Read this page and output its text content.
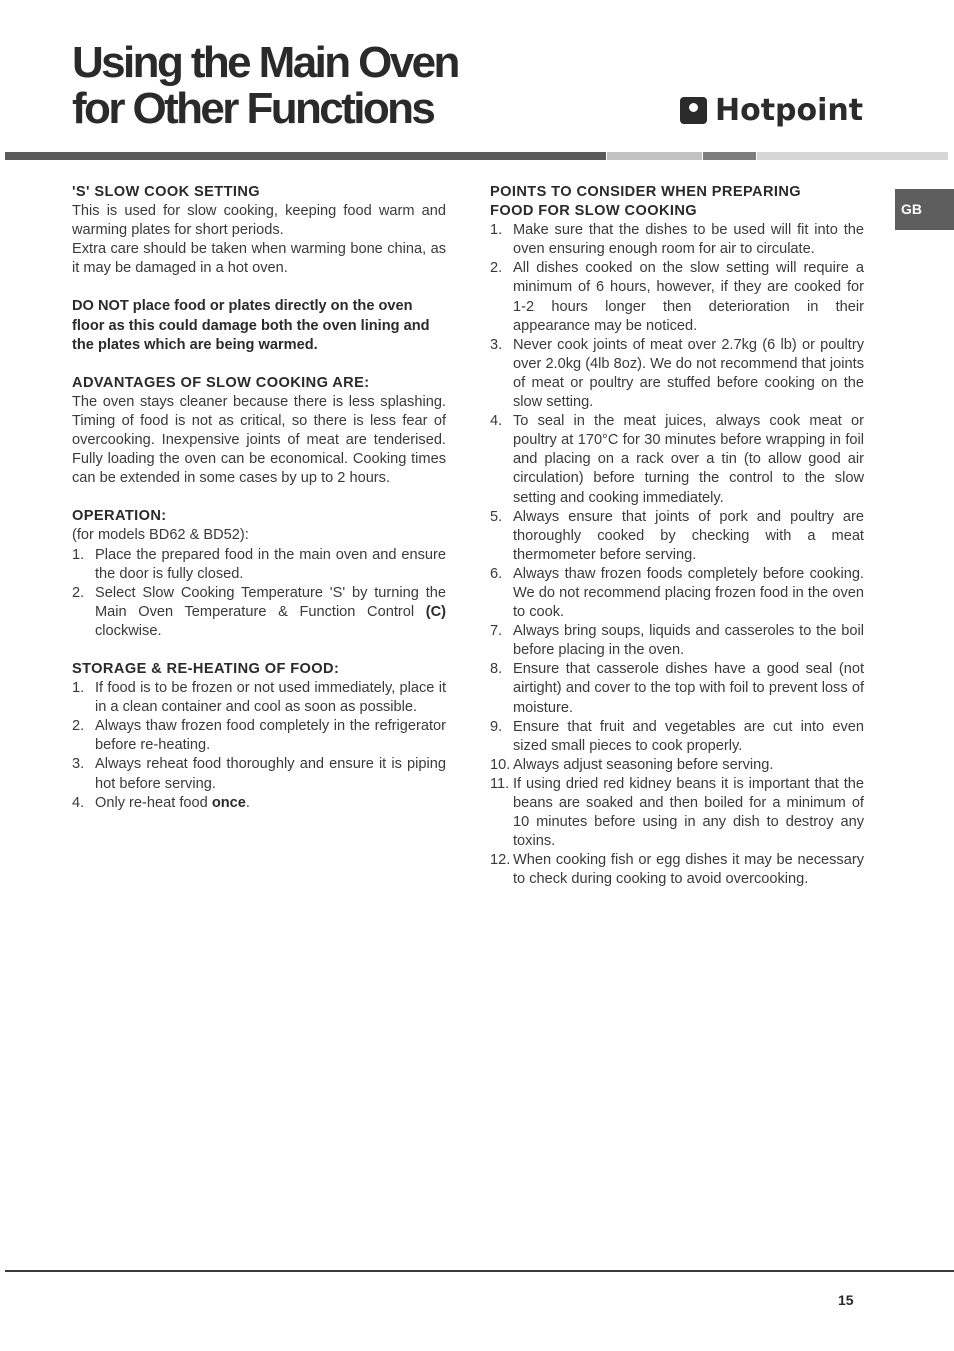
Using the Main Oven
for Other Functions	Hotpoint
GB

'S' SLOW COOK SETTING

This is used for slow cooking, keeping food warm and warming plates for short periods.

Extra care should be taken when warming bone china, as it may be damaged in a hot oven.

DO NOT place food or plates directly on the oven floor as this could damage both the oven lining and the plates which are being warmed.

ADVANTAGES OF SLOW COOKING ARE:

The oven stays cleaner because there is less splashing. Timing of food is not as critical, so there is less fear of overcooking. Inexpensive joints of meat are tenderised. Fully loading the oven can be economical. Cooking times can be extended in some cases by up to 2 hours.

OPERATION:

(for models BD62 & BD52):

1. Place the prepared food in the main oven and ensure the door is fully closed.
2. Select Slow Cooking Temperature 'S' by turning the Main Oven Temperature & Function Control (C) clockwise.

STORAGE & RE-HEATING OF FOOD:

1. If food is to be frozen or not used immediately, place it in a clean container and cool as soon as possible.
2. Always thaw frozen food completely in the refrigerator before re-heating.
3. Always reheat food thoroughly and ensure it is piping hot before serving.
4. Only re-heat food once.

POINTS TO CONSIDER WHEN PREPARING
FOOD FOR SLOW COOKING

1. Make sure that the dishes to be used will fit into the oven ensuring enough room for air to circulate.
2. All dishes cooked on the slow setting will require a minimum of 6 hours, however, if they are cooked for 1-2 hours longer then deterioration in their appearance may be noticed.
3. Never cook joints of meat over 2.7kg (6 lb) or poultry over 2.0kg (4lb 8oz). We do not recommend that joints of meat or poultry are stuffed before cooking on the slow setting.
4. To seal in the meat juices, always cook meat or poultry at 170°C for 30 minutes before wrapping in foil and placing on a rack over a tin (to allow good air circulation) before turning the control to the slow setting and cooking immediately.
5. Always ensure that joints of pork and poultry are thoroughly cooked by checking with a meat thermometer before serving.
6. Always thaw frozen foods completely before cooking. We do not recommend placing frozen food in the oven to cook.
7. Always bring soups, liquids and casseroles to the boil before placing in the oven.
8. Ensure that casserole dishes have a good seal (not airtight) and cover to the top with foil to prevent loss of moisture.
9. Ensure that fruit and vegetables are cut into even sized small pieces to cook properly.
10. Always adjust seasoning before serving.
11. If using dried red kidney beans it is important that the beans are soaked and then boiled for a minimum of 10 minutes before using in any dish to destroy any toxins.
12. When cooking fish or egg dishes it may be necessary to check during cooking to avoid overcooking.
15
